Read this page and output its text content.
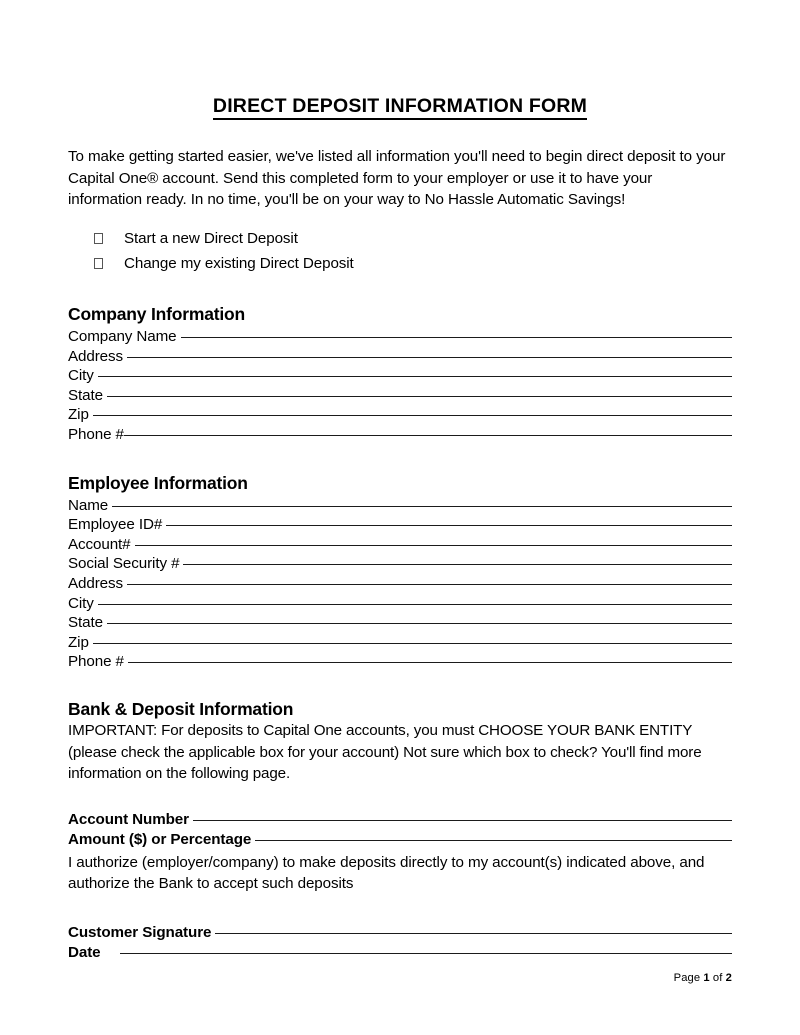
DIRECT DEPOSIT INFORMATION FORM

To make getting started easier, we've listed all information you'll need to begin direct deposit to your Capital One® account. Send this completed form to your employer or use it to have your information ready. In no time, you'll be on your way to No Hassle Automatic Savings!

Start a new Direct Deposit
Change my existing Direct Deposit
Company Information
Company Name
Address
City
State
Zip
Phone #
Employee Information
Name
Employee ID#
Account#
Social Security #
Address
City
State
Zip
Phone #
Bank & Deposit Information

IMPORTANT: For deposits to Capital One accounts, you must CHOOSE YOUR BANK ENTITY (please check the applicable box for your account) Not sure which box to check? You'll find more information on the following page.

Account Number
Amount ($) or Percentage

I authorize (employer/company) to make deposits directly to my account(s) indicated above, and authorize the Bank to accept such deposits

Customer Signature
Date
Page 1 of 2
